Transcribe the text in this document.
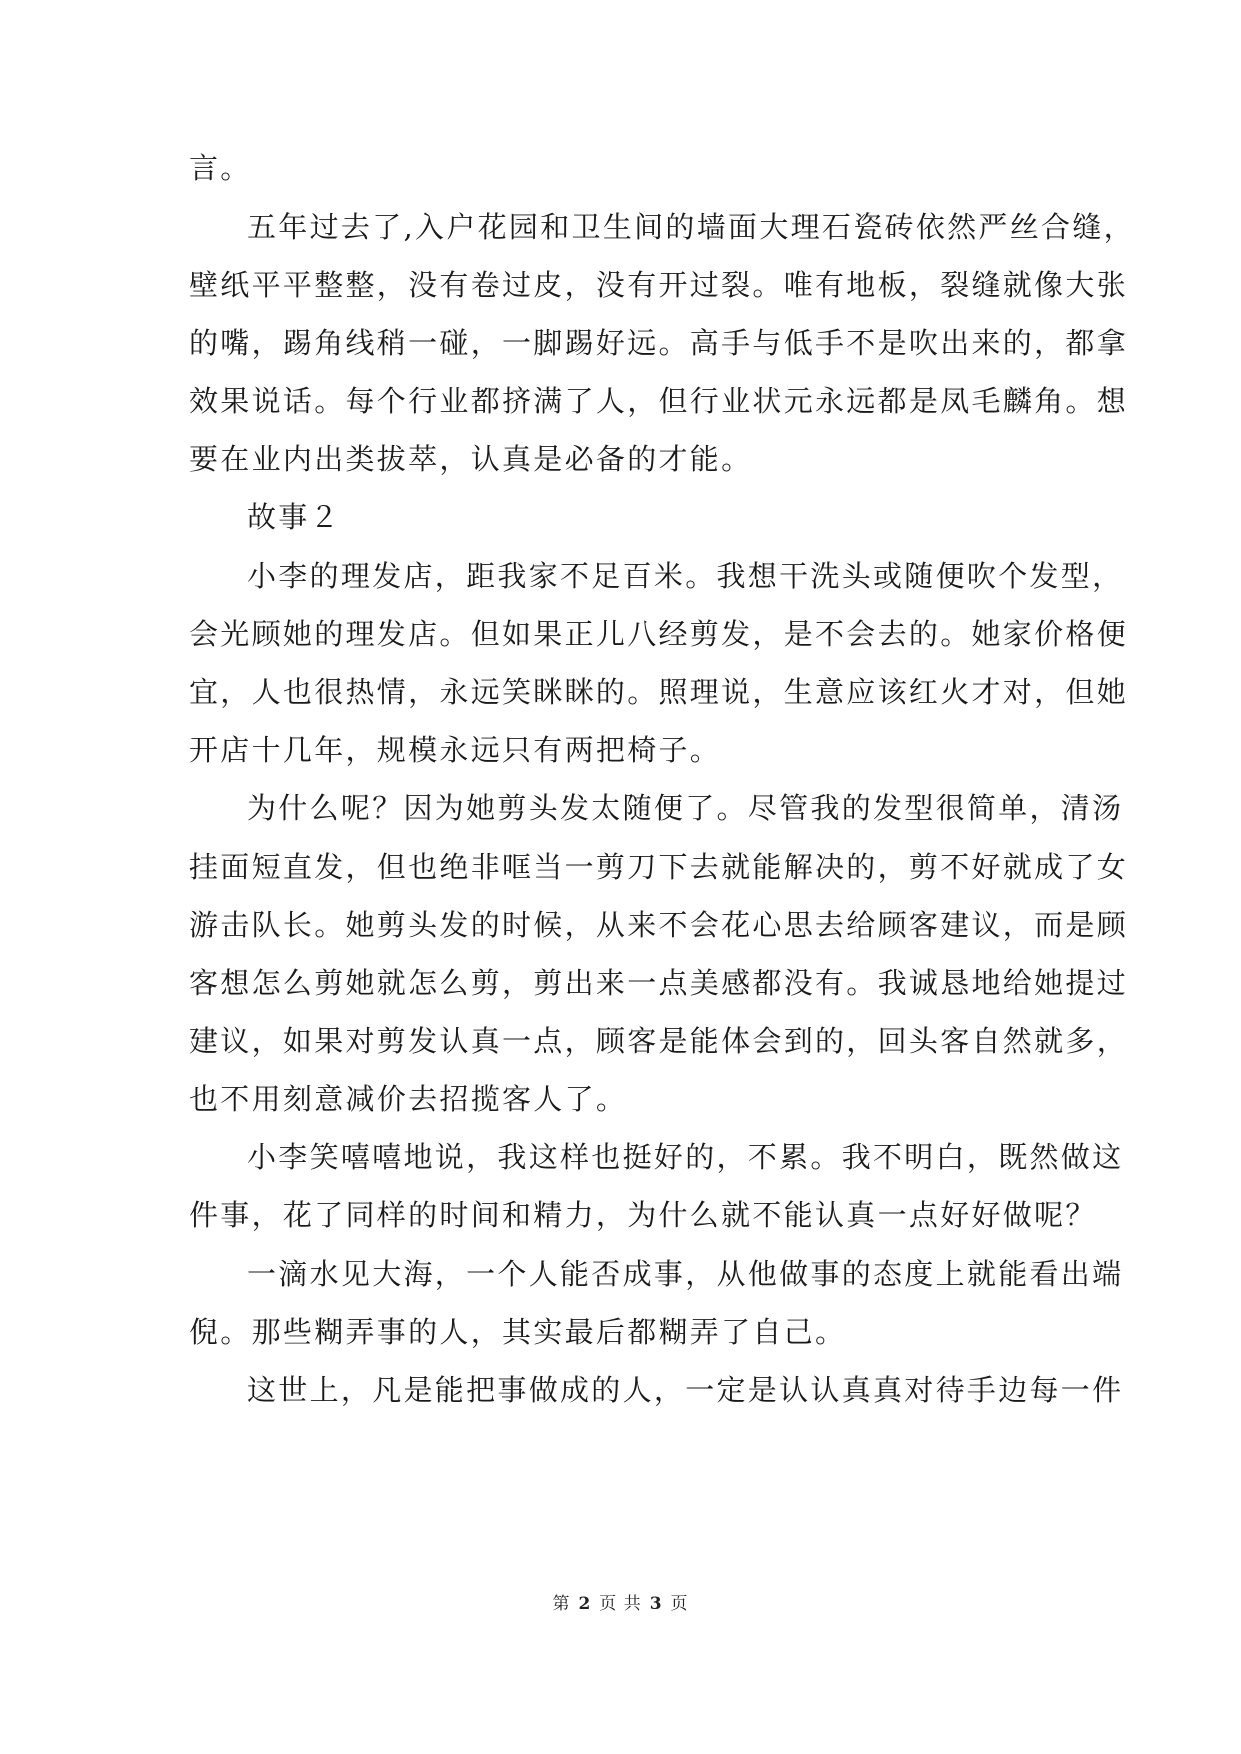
言。
五年过去了,入户花园和卫生间的墙面大理石瓷砖依然严丝合缝，
壁纸平平整整，没有卷过皮，没有开过裂。唯有地板，裂缝就像大张
的嘴，踢角线稍一碰，一脚踢好远。高手与低手不是吹出来的，都拿
效果说话。每个行业都挤满了人，但行业状元永远都是凤毛麟角。想
要在业内出类拔萃，认真是必备的才能。
故事２
小李的理发店，距我家不足百米。我想干洗头或随便吹个发型，
会光顾她的理发店。但如果正儿八经剪发，是不会去的。她家价格便
宜，人也很热情，永远笑眯眯的。照理说，生意应该红火才对，但她
开店十几年，规模永远只有两把椅子。
为什么呢？因为她剪头发太随便了。尽管我的发型很简单，清汤
挂面短直发，但也绝非哐当一剪刀下去就能解决的，剪不好就成了女
游击队长。她剪头发的时候，从来不会花心思去给顾客建议，而是顾
客想怎么剪她就怎么剪，剪出来一点美感都没有。我诚恳地给她提过
建议，如果对剪发认真一点，顾客是能体会到的，回头客自然就多，
也不用刻意减价去招揽客人了。
小李笑嘻嘻地说，我这样也挺好的，不累。我不明白，既然做这
件事，花了同样的时间和精力，为什么就不能认真一点好好做呢？
一滴水见大海，一个人能否成事，从他做事的态度上就能看出端
倪。那些糊弄事的人，其实最后都糊弄了自己。
这世上，凡是能把事做成的人，一定是认认真真对待手边每一件
第 2 页 共 3 页
